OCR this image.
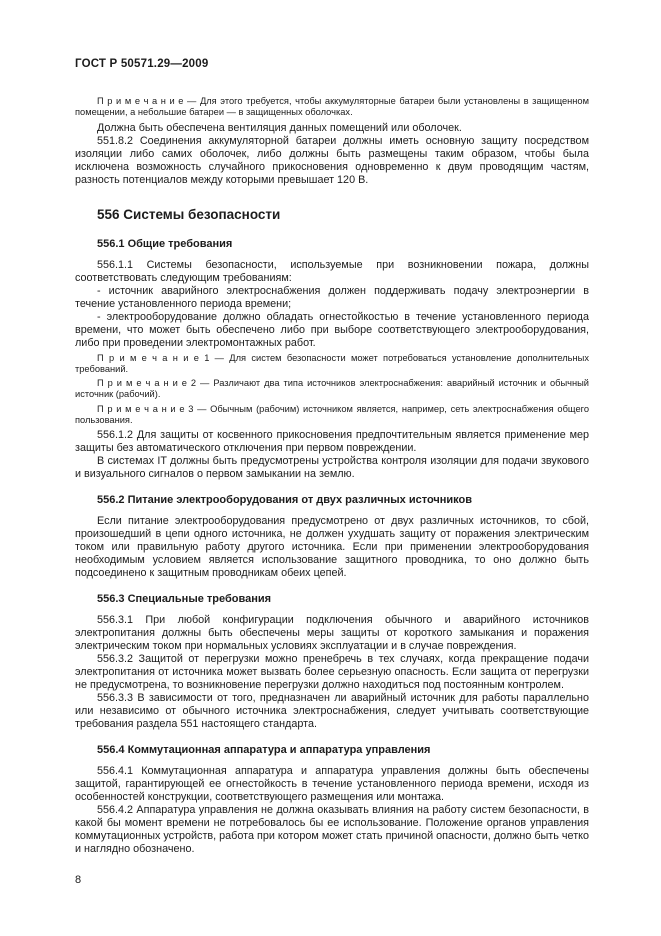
ГОСТ Р 50571.29—2009

П р и м е ч а н и е — Для этого требуется, чтобы аккумуляторные батареи были установлены в защищенном помещении, а небольшие батареи — в защищенных оболочках.

Должна быть обеспечена вентиляция данных помещений или оболочек.

551.8.2 Соединения аккумуляторной батареи должны иметь основную защиту посредством изоляции либо самих оболочек, либо должны быть размещены таким образом, чтобы была исключена возможность случайного прикосновения одновременно к двум проводящим частям, разность потенциалов между которыми превышает 120 В.

556 Системы безопасности

556.1 Общие требования

556.1.1 Системы безопасности, используемые при возникновении пожара, должны соответствовать следующим требованиям:

- источник аварийного электроснабжения должен поддерживать подачу электроэнергии в течение установленного периода времени;

- электрооборудование должно обладать огнестойкостью в течение установленного периода времени, что может быть обеспечено либо при выборе соответствующего электрооборудования, либо при проведении электромонтажных работ.

П р и м е ч а н и е 1 — Для систем безопасности может потребоваться установление дополнительных требований.

П р и м е ч а н и е 2 — Различают два типа источников электроснабжения: аварийный источник и обычный источник (рабочий).

П р и м е ч а н и е 3 — Обычным (рабочим) источником является, например, сеть электроснабжения общего пользования.

556.1.2 Для защиты от косвенного прикосновения предпочтительным является применение мер защиты без автоматического отключения при первом повреждении.

В системах IT должны быть предусмотрены устройства контроля изоляции для подачи звукового и визуального сигналов о первом замыкании на землю.

556.2 Питание электрооборудования от двух различных источников

Если питание электрооборудования предусмотрено от двух различных источников, то сбой, произошедший в цепи одного источника, не должен ухудшать защиту от поражения электрическим током или правильную работу другого источника. Если при применении электрооборудования необходимым условием является использование защитного проводника, то оно должно быть подсоединено к защитным проводникам обеих цепей.

556.3 Специальные требования

556.3.1 При любой конфигурации подключения обычного и аварийного источников электропитания должны быть обеспечены меры защиты от короткого замыкания и поражения электрическим током при нормальных условиях эксплуатации и в случае повреждения.

556.3.2 Защитой от перегрузки можно пренебречь в тех случаях, когда прекращение подачи электропитания от источника может вызвать более серьезную опасность. Если защита от перегрузки не предусмотрена, то возникновение перегрузки должно находиться под постоянным контролем.

556.3.3 В зависимости от того, предназначен ли аварийный источник для работы параллельно или независимо от обычного источника электроснабжения, следует учитывать соответствующие требования раздела 551 настоящего стандарта.

556.4 Коммутационная аппаратура и аппаратура управления

556.4.1 Коммутационная аппаратура и аппаратура управления должны быть обеспечены защитой, гарантирующей ее огнестойкость в течение установленного периода времени, исходя из особенностей конструкции, соответствующего размещения или монтажа.

556.4.2 Аппаратура управления не должна оказывать влияния на работу систем безопасности, в какой бы момент времени не потребовалось бы ее использование. Положение органов управления коммутационных устройств, работа при котором может стать причиной опасности, должно быть четко и наглядно обозначено.

8
